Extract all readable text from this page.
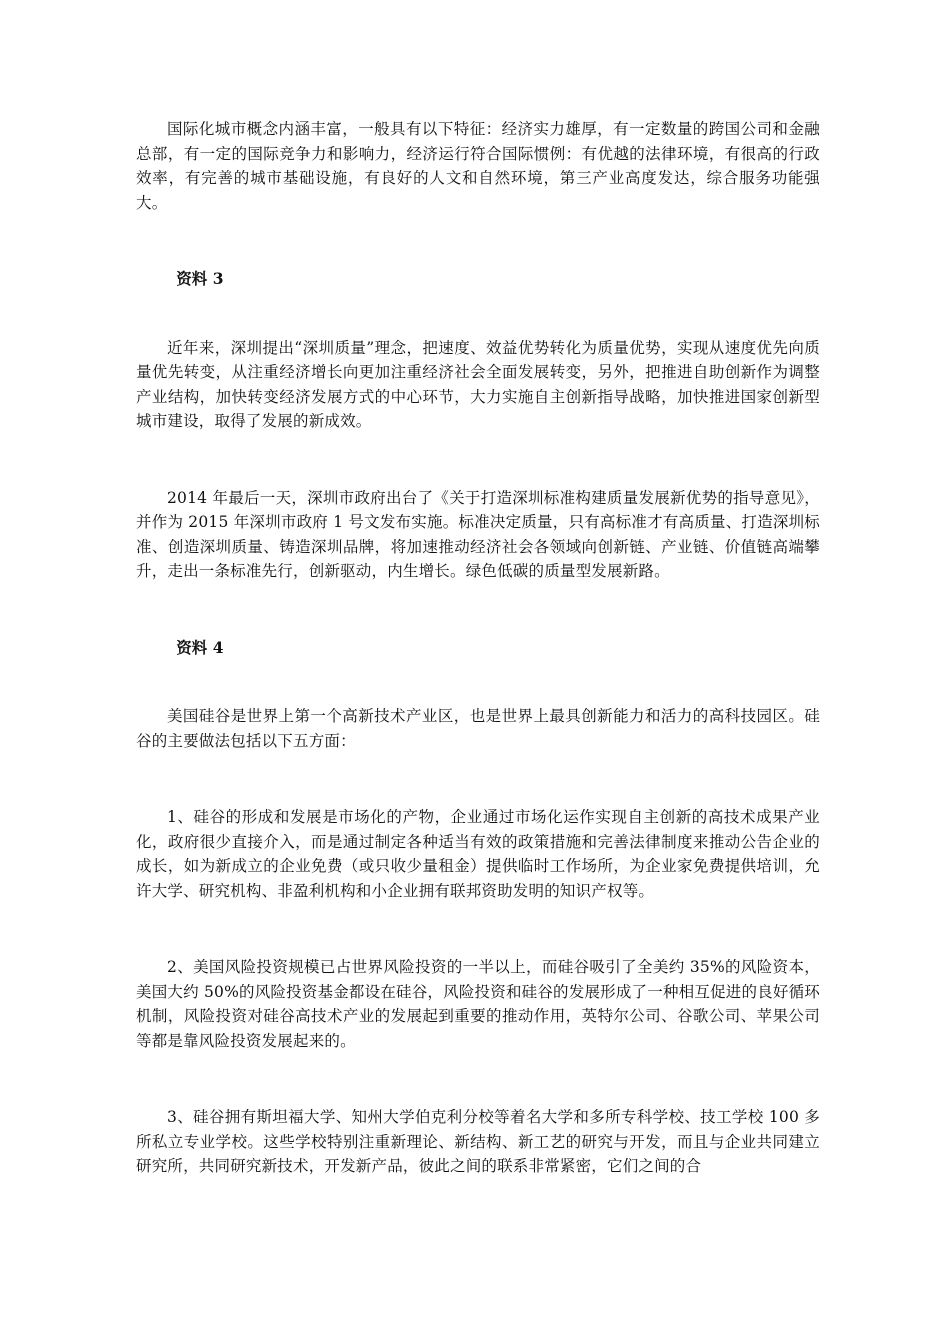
国际化城市概念内涵丰富，一般具有以下特征：经济实力雄厚，有一定数量的跨国公司和金融总部，有一定的国际竞争力和影响力，经济运行符合国际惯例：有优越的法律环境，有很高的行政效率，有完善的城市基础设施，有良好的人文和自然环境，第三产业高度发达，综合服务功能强大。

资料 3

近年来，深圳提出“深圳质量”理念，把速度、效益优势转化为质量优势，实现从速度优先向质量优先转变，从注重经济增长向更加注重经济社会全面发展转变，另外，把推进自助创新作为调整产业结构，加快转变经济发展方式的中心环节，大力实施自主创新指导战略，加快推进国家创新型城市建设，取得了发展的新成效。

2014 年最后一天，深圳市政府出台了《关于打造深圳标准构建质量发展新优势的指导意见》，并作为 2015 年深圳市政府 1 号文发布实施。标准决定质量，只有高标准才有高质量、打造深圳标准、创造深圳质量、铸造深圳品牌，将加速推动经济社会各领域向创新链、产业链、价值链高端攀升，走出一条标准先行，创新驱动，内生增长。绿色低碳的质量型发展新路。

资料 4

美国硅谷是世界上第一个高新技术产业区，也是世界上最具创新能力和活力的高科技园区。硅谷的主要做法包括以下五方面：

1、硅谷的形成和发展是市场化的产物，企业通过市场化运作实现自主创新的高技术成果产业化，政府很少直接介入，而是通过制定各种适当有效的政策措施和完善法律制度来推动公告企业的成长，如为新成立的企业免费（或只收少量租金）提供临时工作场所，为企业家免费提供培训，允许大学、研究机构、非盈利机构和小企业拥有联邦资助发明的知识产权等。

2、美国风险投资规模已占世界风险投资的一半以上，而硅谷吸引了全美约 35%的风险资本，美国大约 50%的风险投资基金都设在硅谷，风险投资和硅谷的发展形成了一种相互促进的良好循环机制，风险投资对硅谷高技术产业的发展起到重要的推动作用，英特尔公司、谷歌公司、苹果公司等都是靠风险投资发展起来的。

3、硅谷拥有斯坦福大学、知州大学伯克利分校等着名大学和多所专科学校、技工学校 100 多所私立专业学校。这些学校特别注重新理论、新结构、新工艺的研究与开发，而且与企业共同建立研究所，共同研究新技术，开发新产品，彼此之间的联系非常紧密，它们之间的合
